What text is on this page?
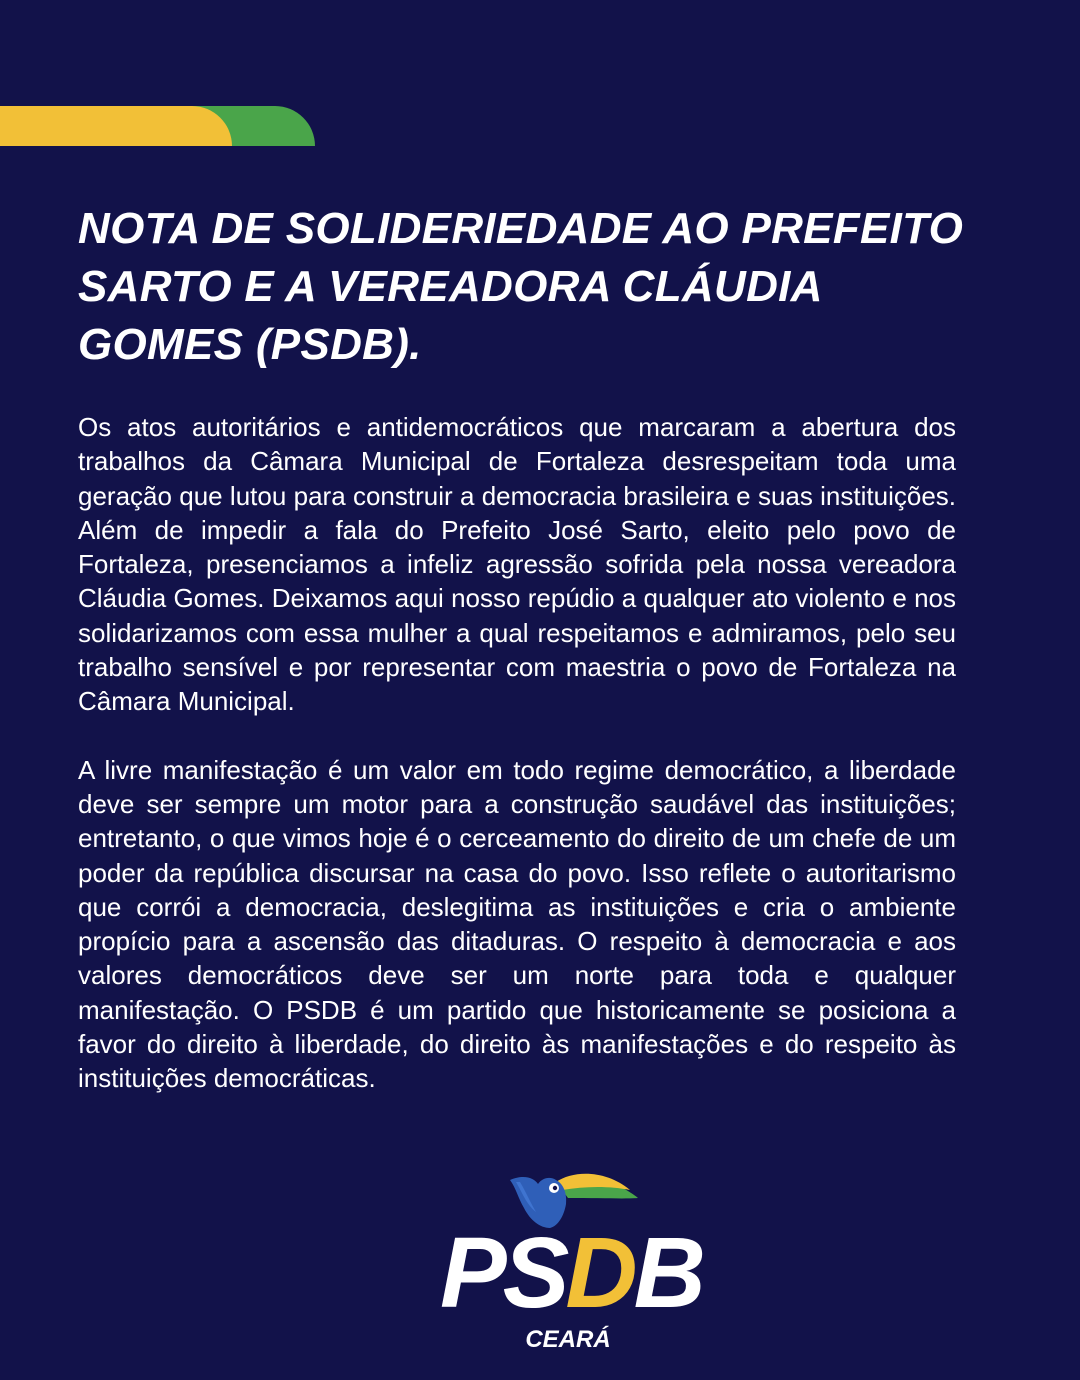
NOTA DE SOLIDERIEDADE AO PREFEITO SARTO E A VEREADORA CLÁUDIA GOMES (PSDB).

Os atos autoritários e antidemocráticos que marcaram a abertura dos trabalhos da Câmara Municipal de Fortaleza desrespeitam toda uma geração que lutou para construir a democracia brasileira e suas instituições. Além de impedir a fala do Prefeito José Sarto, eleito pelo povo de Fortaleza, presenciamos a infeliz agressão sofrida pela nossa vereadora Cláudia Gomes. Deixamos aqui nosso repúdio a qualquer ato violento e nos solidarizamos com essa mulher a qual respeitamos e admiramos, pelo seu trabalho sensível e por representar com maestria o povo de Fortaleza na Câmara Municipal.

A livre manifestação é um valor em todo regime democrático, a liberdade deve ser sempre um motor para a construção saudável das instituições; entretanto, o que vimos hoje é o cerceamento do direito de um chefe de um poder da república discursar na casa do povo. Isso reflete o autoritarismo que corrói a democracia, deslegitima as instituições e cria o ambiente propício para a ascensão das ditaduras. O respeito à democracia e aos valores democráticos deve ser um norte para toda e qualquer manifestação. O PSDB é um partido que historicamente se posiciona a favor do direito à liberdade, do direito às manifestações e do respeito às instituições democráticas.

PSDB
CEARÁ
